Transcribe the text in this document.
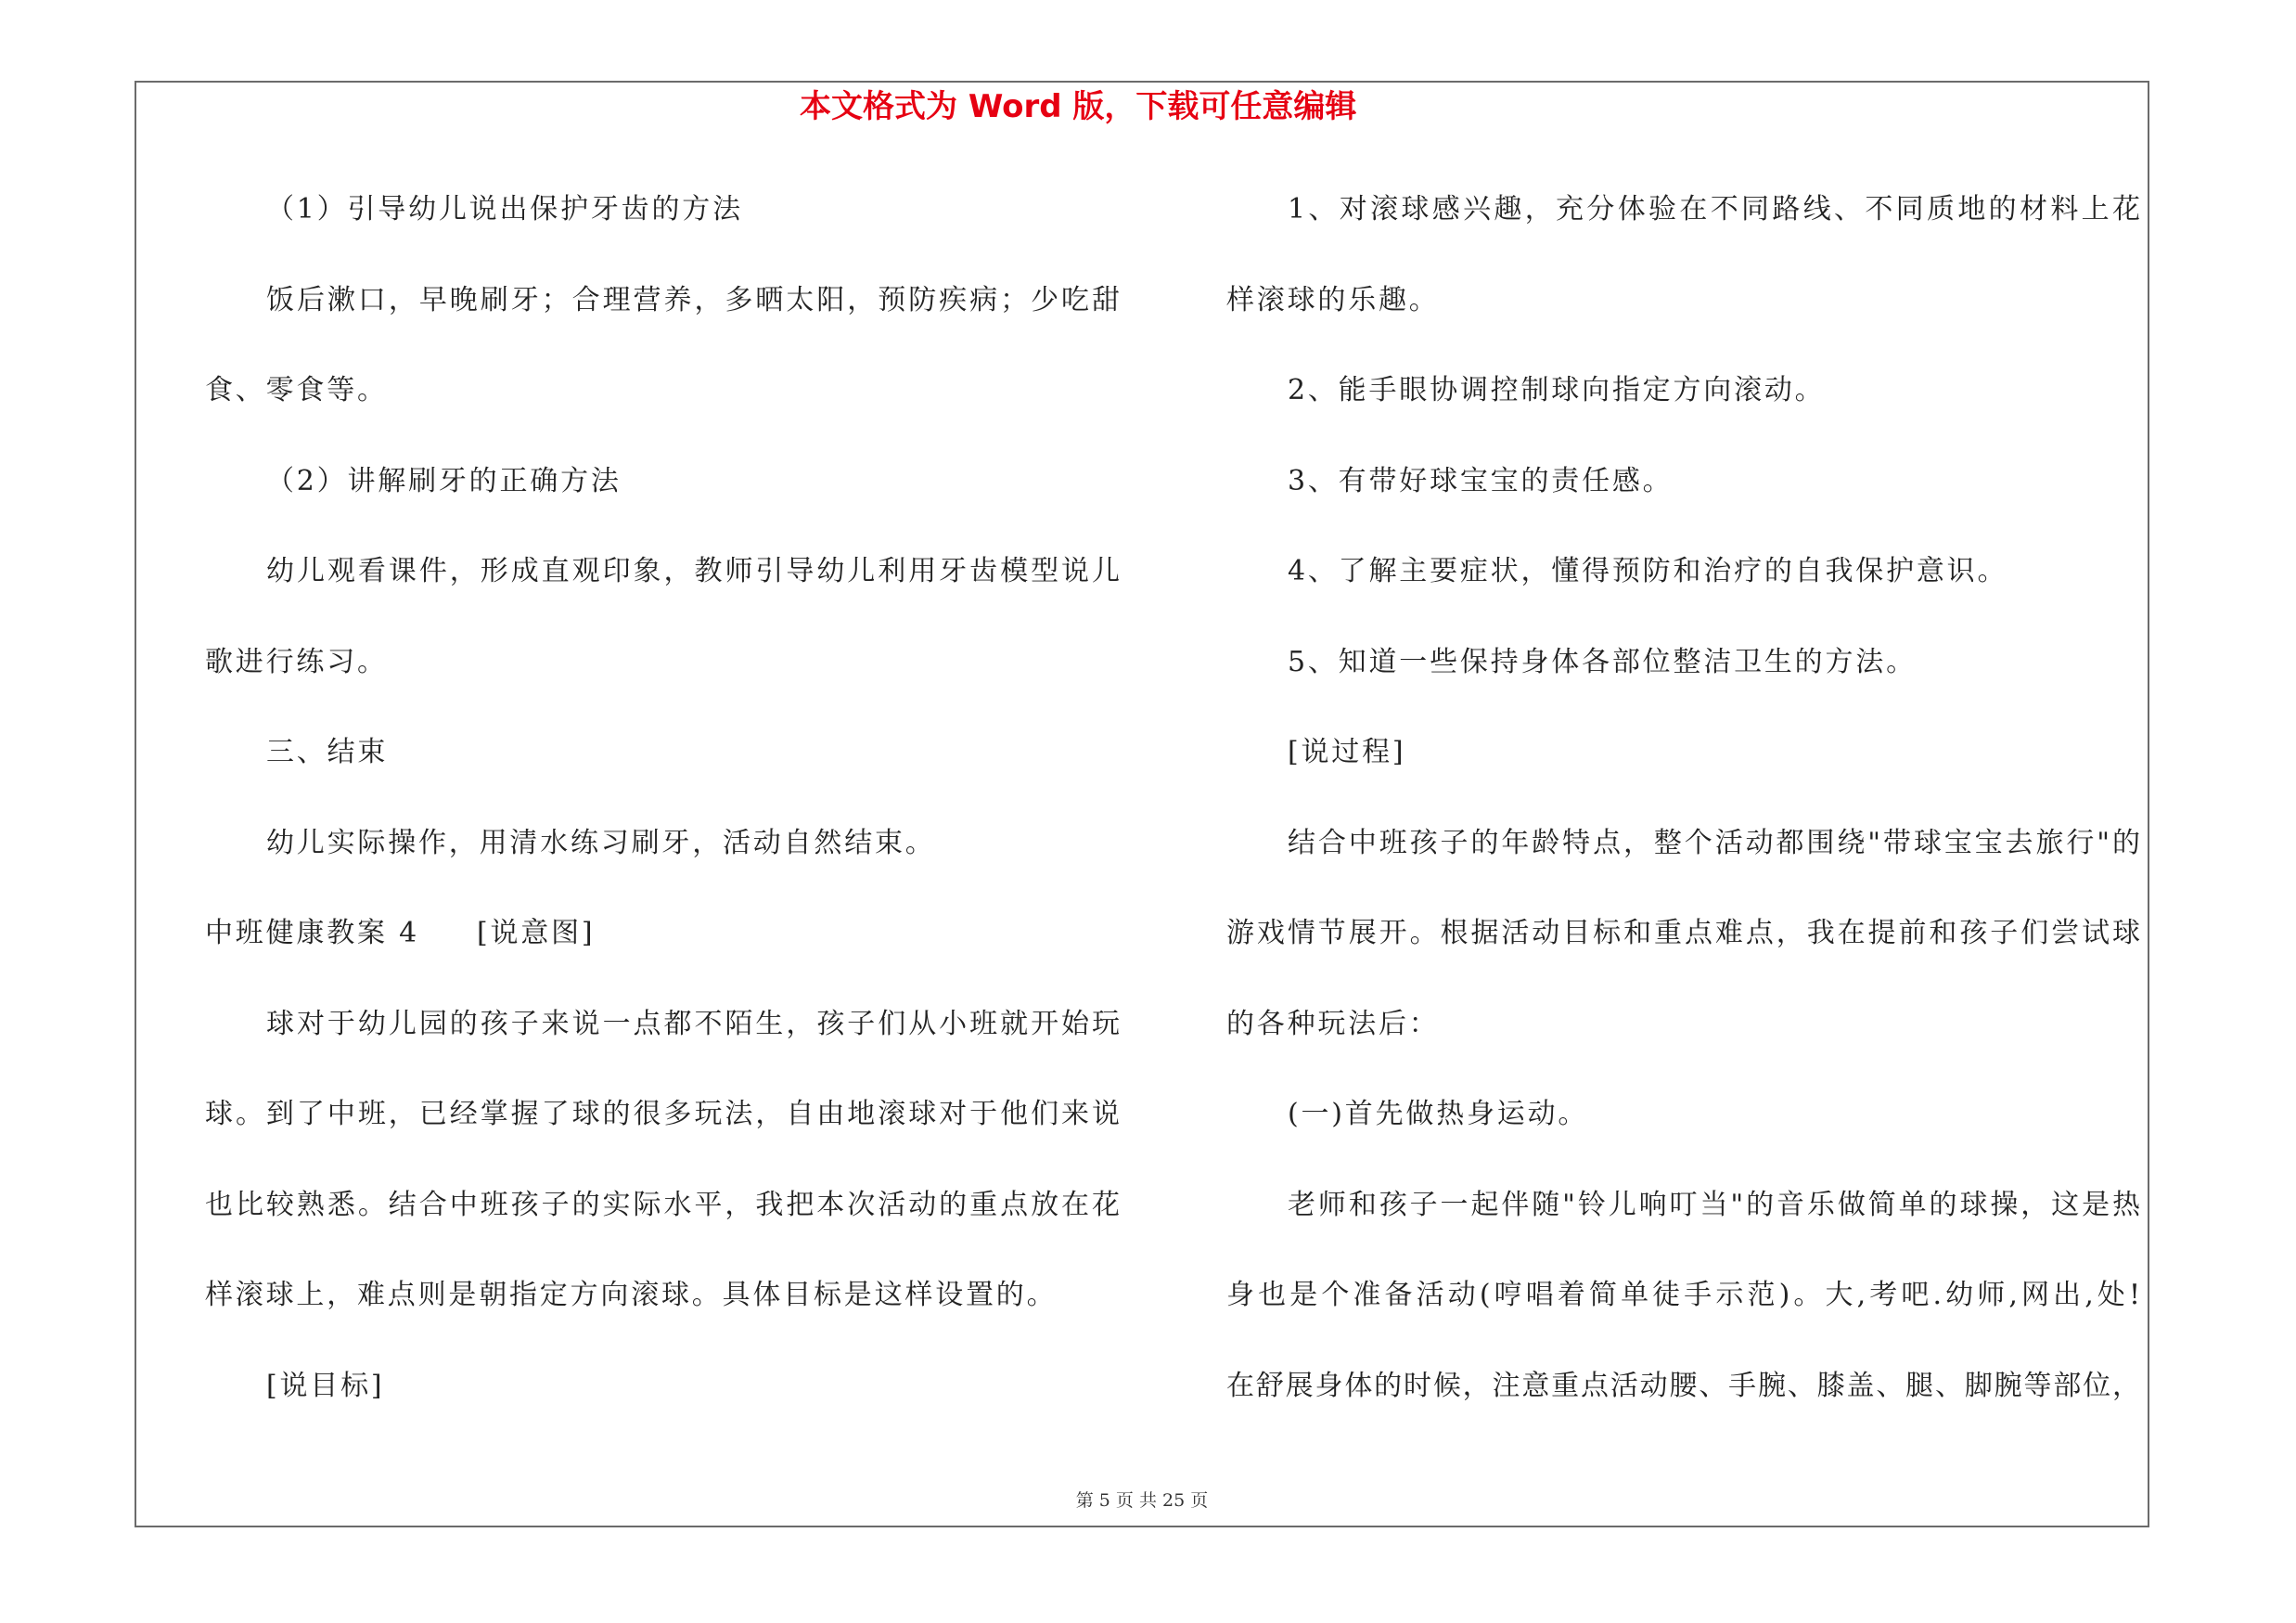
本文格式为 Word 版，下载可任意编辑
（1）引导幼儿说出保护牙齿的方法
饭后漱口，早晚刷牙；合理营养，多晒太阳，预防疾病；少吃甜
食、零食等。
（2）讲解刷牙的正确方法
幼儿观看课件，形成直观印象，教师引导幼儿利用牙齿模型说儿
歌进行练习。
三、结束
幼儿实际操作，用清水练习刷牙，活动自然结束。
中班健康教案 4 [说意图]
球对于幼儿园的孩子来说一点都不陌生，孩子们从小班就开始玩
球。到了中班，已经掌握了球的很多玩法，自由地滚球对于他们来说
也比较熟悉。结合中班孩子的实际水平，我把本次活动的重点放在花
样滚球上，难点则是朝指定方向滚球。具体目标是这样设置的。
[说目标]
1、对滚球感兴趣，充分体验在不同路线、不同质地的材料上花
样滚球的乐趣。
2、能手眼协调控制球向指定方向滚动。
3、有带好球宝宝的责任感。
4、了解主要症状，懂得预防和治疗的自我保护意识。
5、知道一些保持身体各部位整洁卫生的方法。
[说过程]
结合中班孩子的年龄特点，整个活动都围绕"带球宝宝去旅行"的
游戏情节展开。根据活动目标和重点难点，我在提前和孩子们尝试球
的各种玩法后：
(一)首先做热身运动。
老师和孩子一起伴随"铃儿响叮当"的音乐做简单的球操，这是热
身也是个准备活动(哼唱着简单徒手示范)。大,考吧.幼师,网出,处!
在舒展身体的时候，注意重点活动腰、手腕、膝盖、腿、脚腕等部位，
第 5 页 共 25 页
